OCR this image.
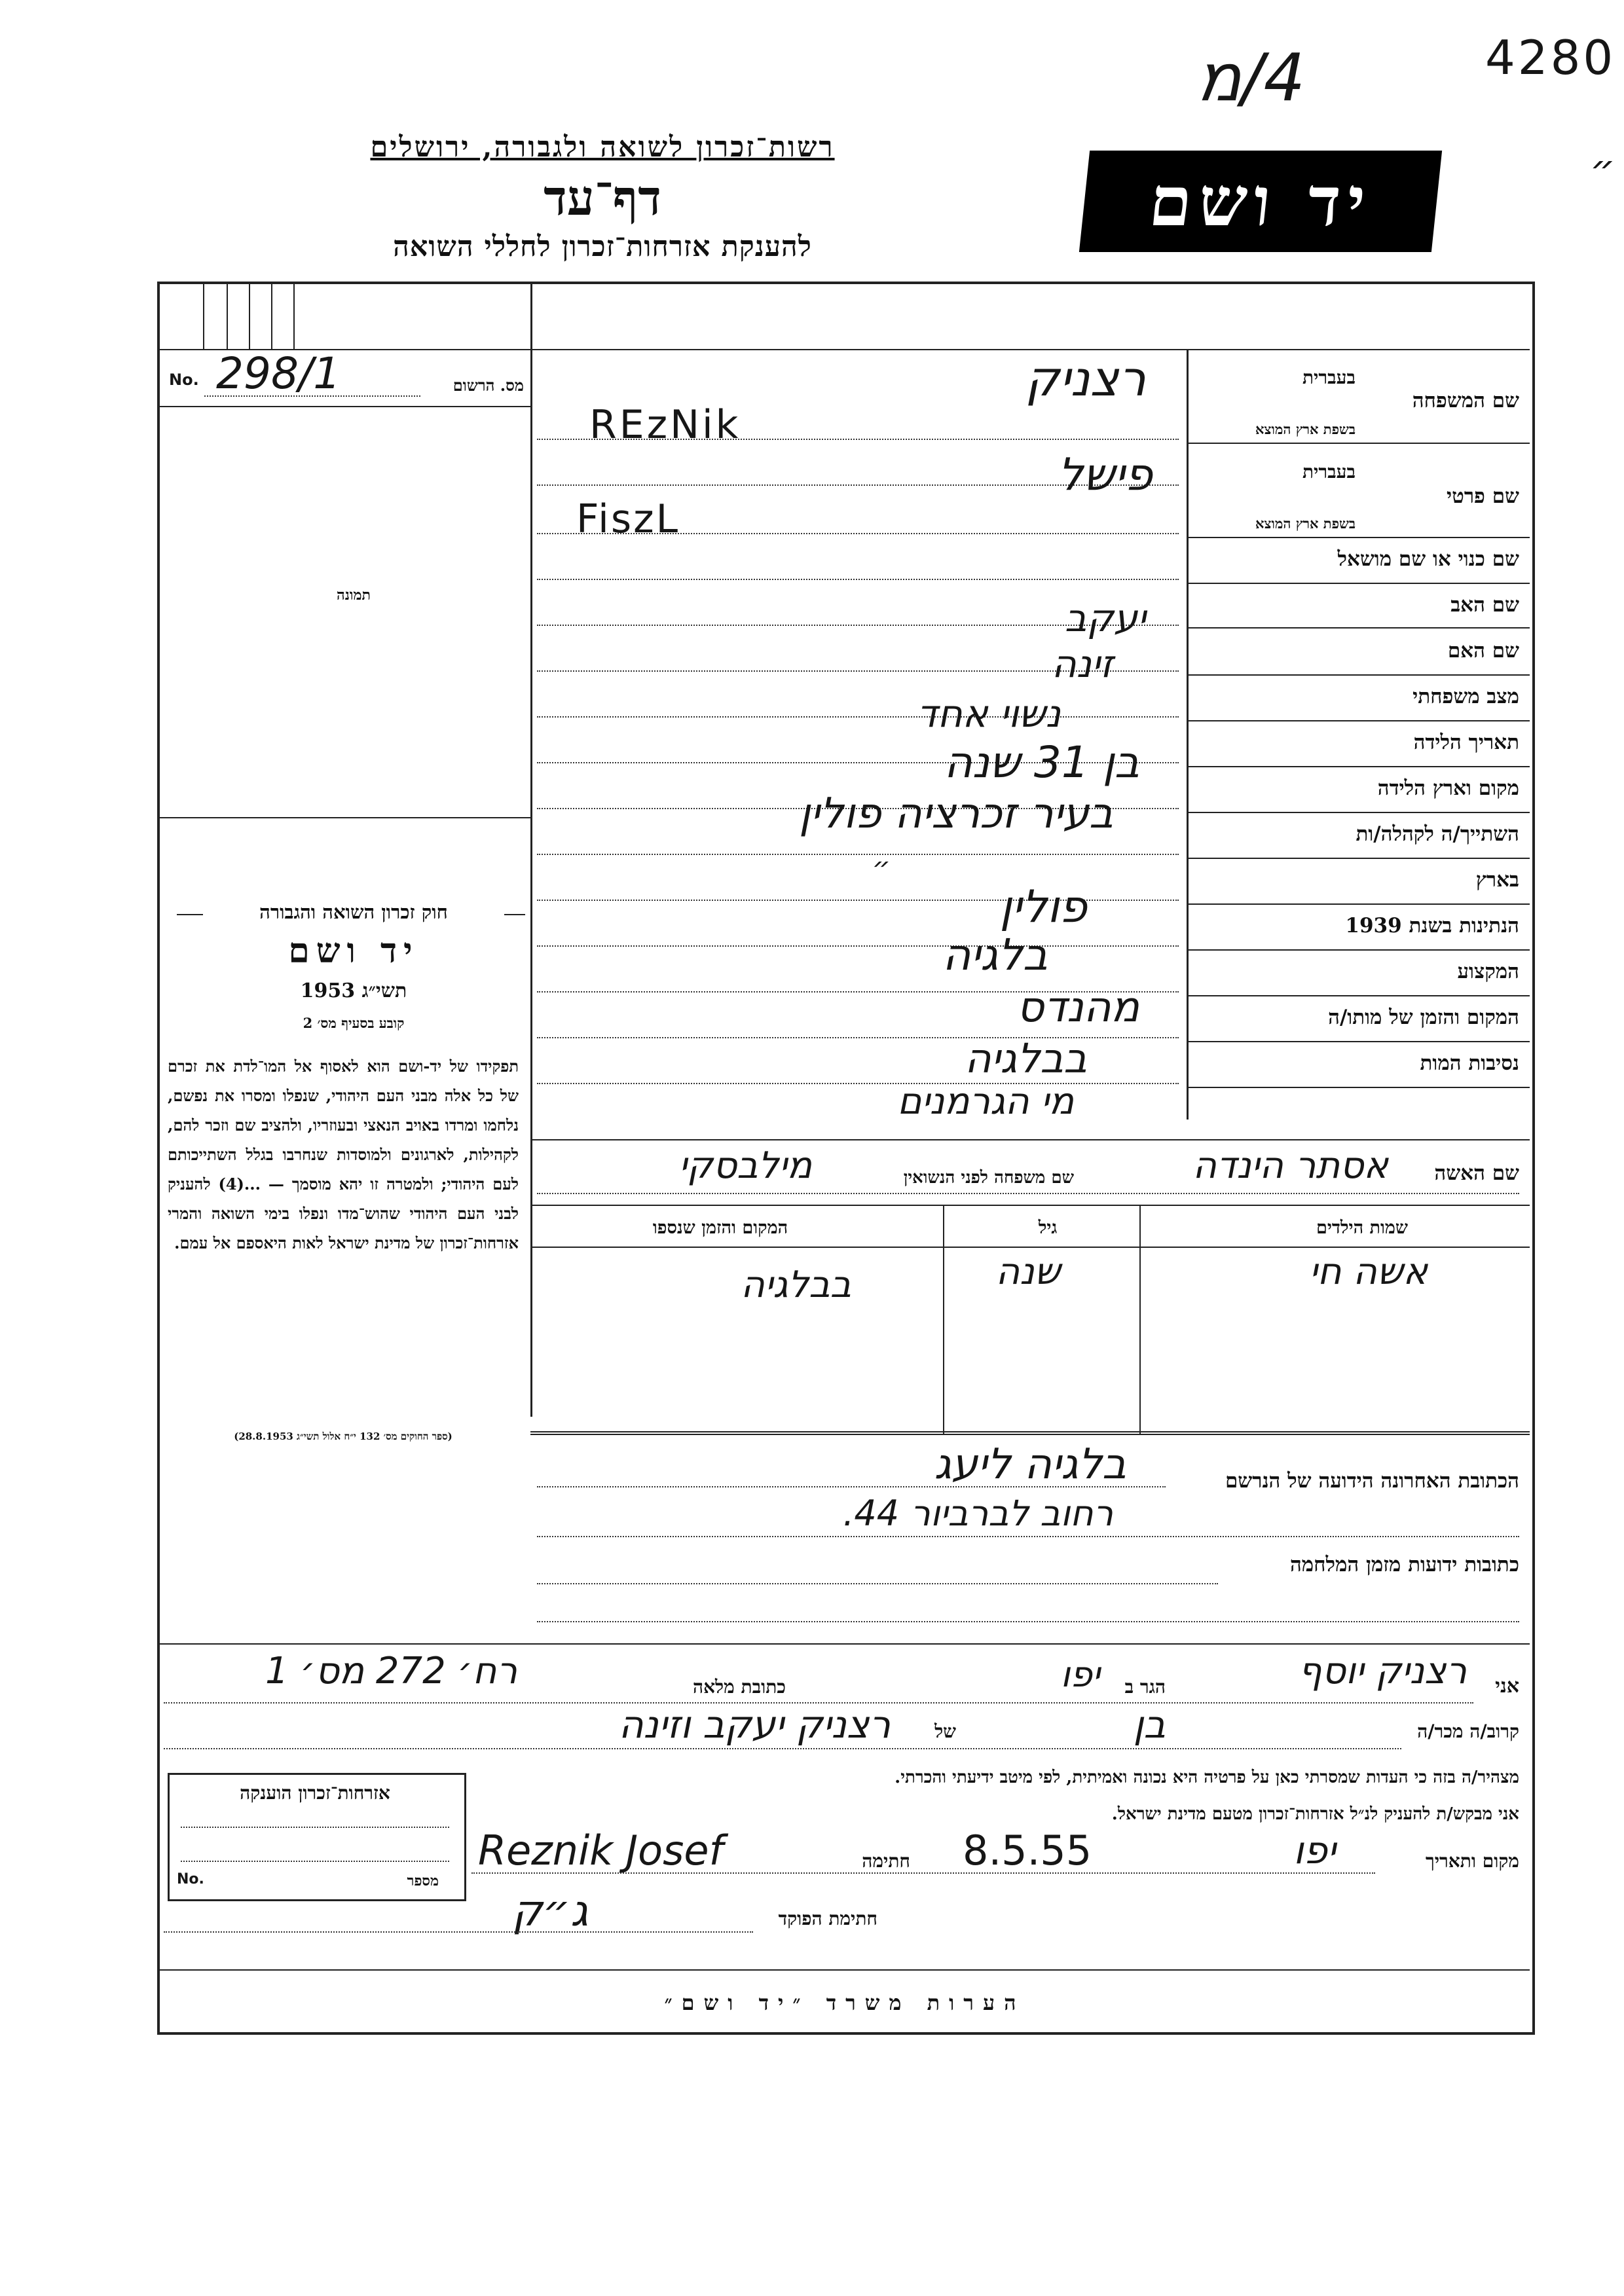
4280
4/מ
״
רשות־זכרון לשואה ולגבורה, ירושלים
דף־עד
להענקת אזרחות־זכרון לחללי השואה
יד ושם
No. 298/1	מס. הרשום
תמונה
חוק זכרון השואה והגבורה
יד ושם
תשי״ג 1953
קובע בסעיף מס׳ 2
תפקידו של יד-ושם הוא לאסוף אל המו־לדת את זכרם של כל אלה מבני העם היהודי, שנפלו ומסרו את נפשם, נלחמו ומרדו באויב הנאצי ובעוזריו, ולהציב שם וזכר להם, לקהילות, לארגונים ולמוסדות שנחרבו בגלל השתייכותם לעם היהודי; ולמטרה זו יהא מוסמך — ...(4) להעניק לבני העם היהודי שהוש־מדו ונפלו בימי השואה והמרי אזרחות־זכרון של מדינת ישראל לאות היאספם אל עמם.
(ספר החוקים מס׳ 132 י״ח אלול תשי״ג 28.8.1953)
בעברית
שם המשפחה
בשפת ארץ המוצא
בעברית
שם פרטי
בשפת ארץ המוצא
שם כנוי או שם מושאל
שם האב
שם האם
מצב משפחתי
תאריך הלידה
מקום וארץ הלידה
השתייך/ה לקהלה/ות
בארץ
הנתינות בשנת 1939
המקצוע
המקום והזמן של מותו/ה
נסיבות המות
רצניק
REzNik
פישל
FiszL
יעקב
זינה
נשוי אחד
בן 31 שנה
בעיר זכרציה פולין
״
פולין
בלגיה
מהנדס
בבלגיה
מי הגרמנים
שם האשה
אסתר הינדה
שם משפחה לפני הנשואין
מילבסקי
שמות הילדים
גיל
המקום והזמן שנספו
אשה חי
שנה
בבלגיה
הכתובת האחרונה הידועה של הנרשם
בלגיה ליעג
רחוב לברביור 44.
כתובות ידועות מזמן המלחמה
אני
רצניק יוסף
הגר ב
יפו
כתובת מלאה
רח׳ 272 מס׳ 1
קרוב/ה מכר/ה
בן
של
רצניק יעקב וזינה
מצהיר/ה בזה כי העדות שמסרתי כאן על פרטיה היא נכונה ואמיתית, לפי מיטב ידיעתי והכרתי.
אני מבקש/ת להעניק לנ״ל אזרחות־זכרון מטעם מדינת ישראל.
מקום ותאריך
יפו
8.5.55
חתימה
Reznik Josef
חתימת הפוקד
ג״ק
אזרחות־זכרון הוענקה
No.	מספר
הערות משרד ״יד ושם״
